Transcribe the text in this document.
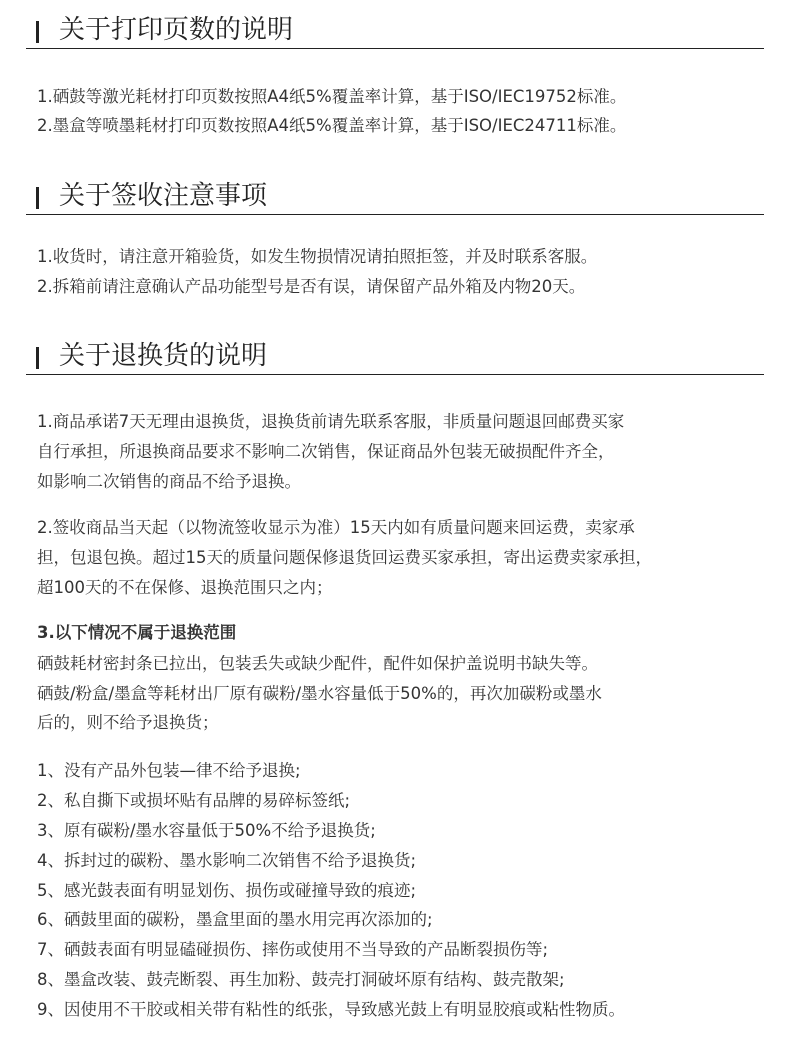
关于打印页数的说明
1.硒鼓等激光耗材打印页数按照A4纸5%覆盖率计算，基于ISO/IEC19752标准。
2.墨盒等喷墨耗材打印页数按照A4纸5%覆盖率计算，基于ISO/IEC24711标准。
关于签收注意事项
1.收货时，请注意开箱验货，如发生物损情况请拍照拒签，并及时联系客服。
2.拆箱前请注意确认产品功能型号是否有误，请保留产品外箱及内物20天。
关于退换货的说明
1.商品承诺7天无理由退换货，退换货前请先联系客服，非质量问题退回邮费买家
自行承担，所退换商品要求不影响二次销售，保证商品外包装无破损配件齐全，
如影响二次销售的商品不给予退换。
2.签收商品当天起（以物流签收显示为准）15天内如有质量问题来回运费，卖家承
担，包退包换。超过15天的质量问题保修退货回运费买家承担，寄出运费卖家承担，
超100天的不在保修、退换范围只之内；
3.以下情况不属于退换范围
硒鼓耗材密封条已拉出，包装丢失或缺少配件，配件如保护盖说明书缺失等。
硒鼓/粉盒/墨盒等耗材出厂原有碳粉/墨水容量低于50%的，再次加碳粉或墨水
后的，则不给予退换货；
1、没有产品外包装—律不给予退换;
2、私自撕下或损坏贴有品牌的易碎标签纸;
3、原有碳粉/墨水容量低于50%不给予退换货;
4、拆封过的碳粉、墨水影响二次销售不给予退换货;
5、感光鼓表面有明显划伤、损伤或碰撞导致的痕迹;
6、硒鼓里面的碳粉，墨盒里面的墨水用完再次添加的;
7、硒鼓表面有明显磕碰损伤、摔伤或使用不当导致的产品断裂损伤等;
8、墨盒改装、鼓壳断裂、再生加粉、鼓壳打洞破坏原有结构、鼓壳散架;
9、因使用不干胶或相关带有粘性的纸张，导致感光鼓上有明显胶痕或粘性物质。
